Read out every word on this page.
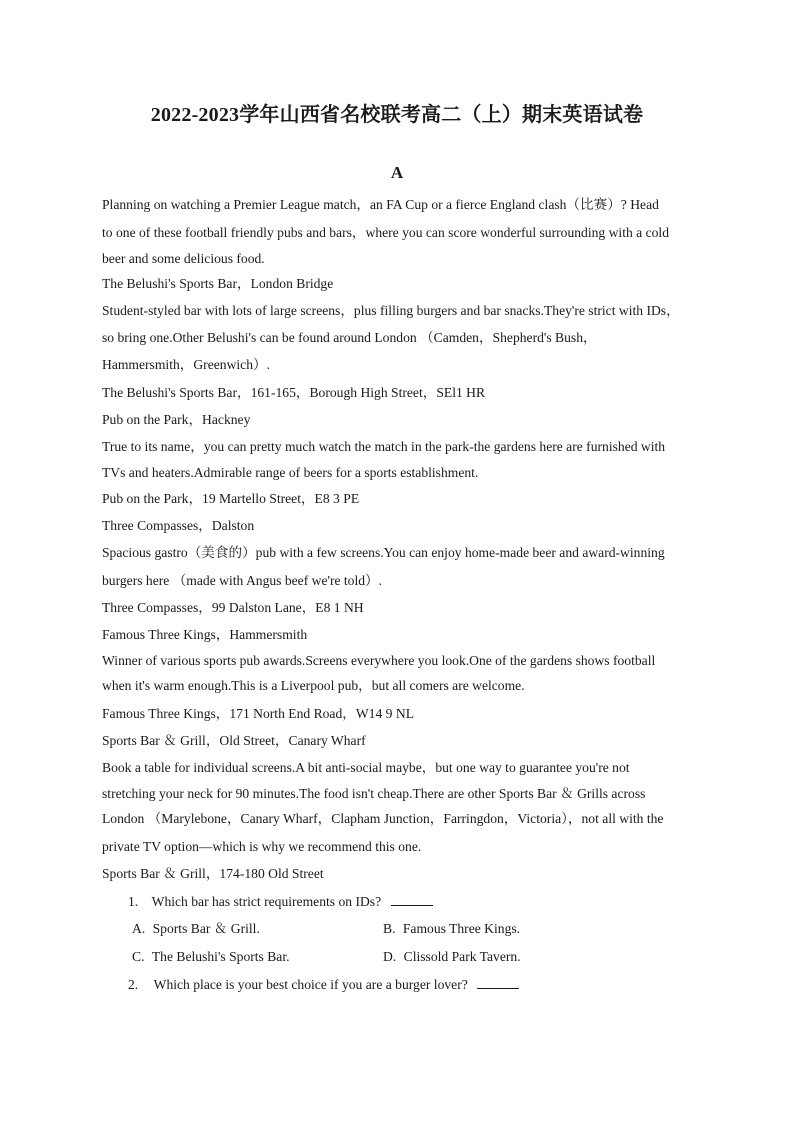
2022-2023学年山西省名校联考高二（上）期末英语试卷
A
Planning on watching a Premier League match，an FA Cup or a fierce England clash（比赛）? Head
to one of these football friendly pubs and bars，where you can score wonderful surrounding with a cold
beer and some delicious food.
The Belushi's Sports Bar，London Bridge
Student-styled bar with lots of large screens，plus filling burgers and bar snacks.They're strict with IDs，
so bring one.Other Belushi's can be found around London （Camden，Shepherd's Bush，
Hammersmith，Greenwich）.
The Belushi's Sports Bar，161-165，Borough High Street，SEl1 HR
Pub on the Park，Hackney
True to its name，you can pretty much watch the match in the park-the gardens here are furnished with
TVs and heaters.Admirable range of beers for a sports establishment.
Pub on the Park，19 Martello Street，E8 3 PE
Three Compasses，Dalston
Spacious gastro（美食的）pub with a few screens.You can enjoy home-made beer and award-winning
burgers here （made with Angus beef we're told）.
Three Compasses，99 Dalston Lane，E8 1 NH
Famous Three Kings，Hammersmith
Winner of various sports pub awards.Screens everywhere you look.One of the gardens shows football
when it's warm enough.This is a Liverpool pub，but all comers are welcome.
Famous Three Kings，171 North End Road，W14 9 NL
Sports Bar ＆ Grill，Old Street，Canary Wharf
Book a table for individual screens.A bit anti-social maybe，but one way to guarantee you're not
stretching your neck for 90 minutes.The food isn't cheap.There are other Sports Bar ＆ Grills across
London （Marylebone，Canary Wharf，Clapham Junction，Farringdon，Victoria），not all with the
private TV option—which is why we recommend this one.
Sports Bar ＆ Grill，174-180 Old Street
1. Which bar has strict requirements on IDs?
A. Sports Bar ＆ Grill.	B. Famous Three Kings.
C. The Belushi's Sports Bar.	D. Clissold Park Tavern.
2. Which place is your best choice if you are a burger lover?
